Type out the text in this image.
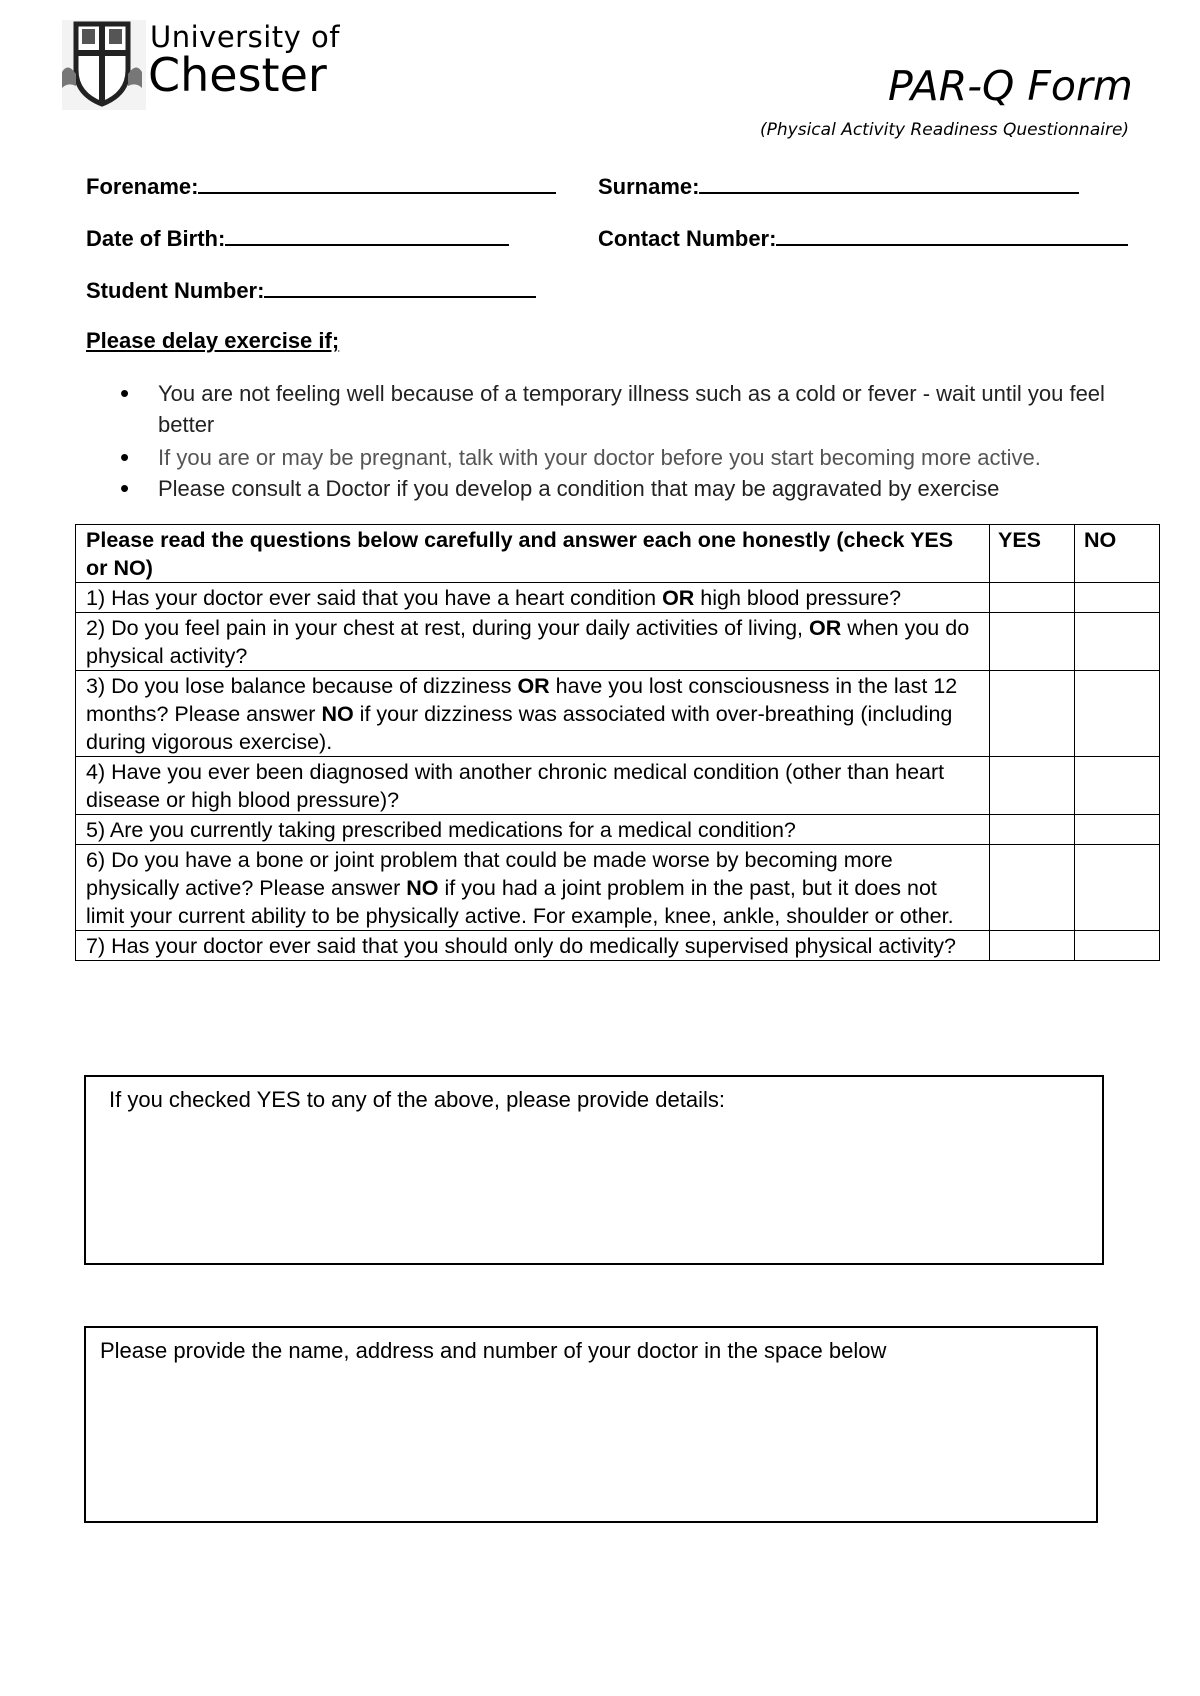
University of
Chester	PAR-Q Form
(Physical Activity Readiness Questionnaire)
Forename:	Surname:
Date of Birth:	Contact Number:
Student Number:
Please delay exercise if;
• You are not feeling well because of a temporary illness such as a cold or fever - wait until you feel better
• If you are or may be pregnant, talk with your doctor before you start becoming more active.
• Please consult a Doctor if you develop a condition that may be aggravated by exercise
Please read the questions below carefully and answer each one honestly (check YES or NO)	YES	NO
1) Has your doctor ever said that you have a heart condition OR high blood pressure?		
2) Do you feel pain in your chest at rest, during your daily activities of living, OR when you do physical activity?		
3) Do you lose balance because of dizziness OR have you lost consciousness in the last 12 months? Please answer NO if your dizziness was associated with over-breathing (including during vigorous exercise).		
4) Have you ever been diagnosed with another chronic medical condition (other than heart disease or high blood pressure)?		
5) Are you currently taking prescribed medications for a medical condition?		
6) Do you have a bone or joint problem that could be made worse by becoming more physically active? Please answer NO if you had a joint problem in the past, but it does not limit your current ability to be physically active. For example, knee, ankle, shoulder or other.		
7) Has your doctor ever said that you should only do medically supervised physical activity?		
If you checked YES to any of the above, please provide details:
Please provide the name, address and number of your doctor in the space below
